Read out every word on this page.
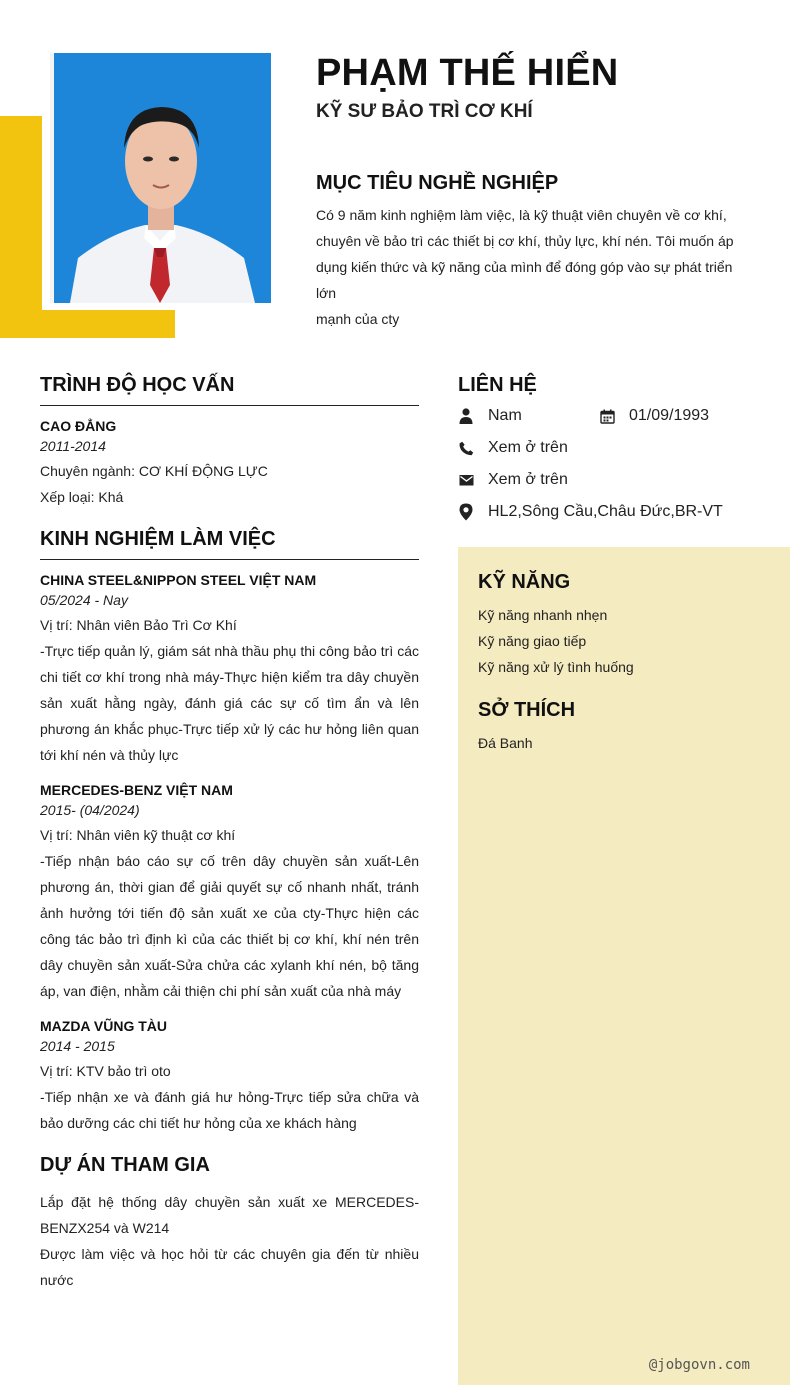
PHẠM THẾ HIỂN
KỸ SƯ BẢO TRÌ CƠ KHÍ
MỤC TIÊU NGHỀ NGHIỆP
Có 9 năm kinh nghiệm làm việc, là kỹ thuật viên chuyên về cơ khí,
chuyên về bảo trì các thiết bị cơ khí, thủy lực, khí nén. Tôi muốn áp
dụng kiến thức và kỹ năng của mình để đóng góp vào sự phát triển lớn
mạnh của cty
TRÌNH ĐỘ HỌC VẤN
CAO ĐẲNG
2011-2014
Chuyên ngành: CƠ KHÍ ĐỘNG LỰC
Xếp loại: Khá
KINH NGHIỆM LÀM VIỆC
CHINA STEEL&NIPPON STEEL VIỆT NAM
05/2024 - Nay
Vị trí: Nhân viên Bảo Trì Cơ Khí
-Trực tiếp quản lý, giám sát nhà thầu phụ thi công bảo trì các chi tiết cơ khí trong nhà máy-Thực hiện kiểm tra dây chuyền sản xuất hằng ngày, đánh giá các sự cố tìm ẩn và lên phương án khắc phục-Trực tiếp xử lý các hư hỏng liên quan tới khí nén và thủy lực
MERCEDES-BENZ VIỆT NAM
2015- (04/2024)
Vị trí: Nhân viên kỹ thuật cơ khí
-Tiếp nhận báo cáo sự cố trên dây chuyền sản xuất-Lên phương án, thời gian để giải quyết sự cố nhanh nhất, tránh ảnh hưởng tới tiến độ sản xuất xe của cty-Thực hiện các công tác bảo trì định kì của các thiết bị cơ khí, khí nén trên dây chuyền sản xuất-Sửa chửa các xylanh khí nén, bộ tăng áp, van điện, nhằm cải thiện chi phí sản xuất của nhà máy
MAZDA VŨNG TÀU
2014 - 2015
Vị trí: KTV bảo trì oto
-Tiếp nhận xe và đánh giá hư hỏng-Trực tiếp sửa chữa và bảo dưỡng các chi tiết hư hỏng của xe khách hàng
DỰ ÁN THAM GIA
Lắp đặt hệ thống dây chuyền sản xuất xe MERCEDES-BENZX254 và W214
Được làm việc và học hỏi từ các chuyên gia đến từ nhiều nước
LIÊN HỆ
Nam	01/09/1993
Xem ở trên
Xem ở trên
HL2,Sông Cầu,Châu Đức,BR-VT
KỸ NĂNG
Kỹ năng nhanh nhẹn
Kỹ năng giao tiếp
Kỹ năng xử lý tình huống
SỞ THÍCH
Đá Banh
@jobgovn.com
